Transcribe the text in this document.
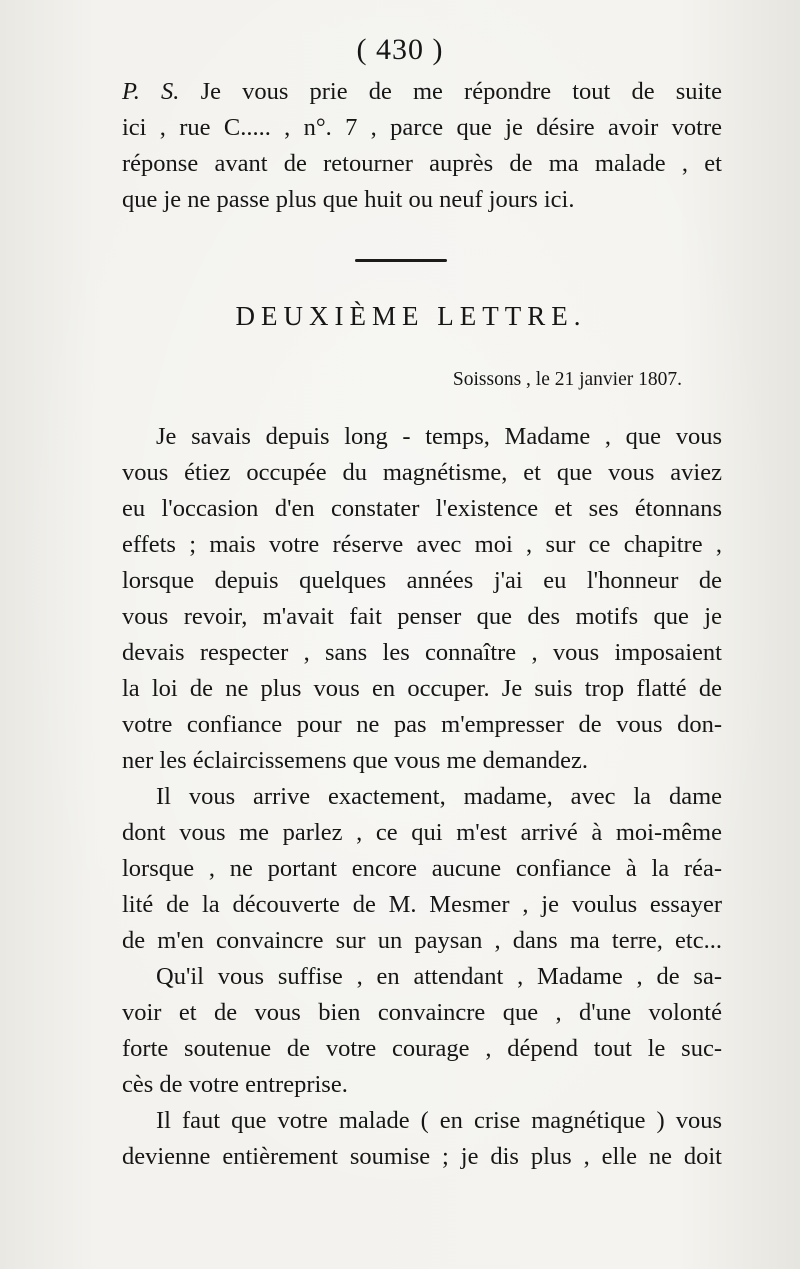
( 430 )
P. S. Je vous prie de me répondre tout de suite
ici , rue C..... , n°. 7 , parce que je désire avoir votre
réponse avant de retourner auprès de ma malade , et
que je ne passe plus que huit ou neuf jours ici.
DEUXIÈME LETTRE.
Soissons , le 21 janvier 1807.
Je savais depuis long - temps, Madame , que vous
vous étiez occupée du magnétisme, et que vous aviez
eu l'occasion d'en constater l'existence et ses étonnans
effets ; mais votre réserve avec moi , sur ce chapitre ,
lorsque depuis quelques années j'ai eu l'honneur de
vous revoir, m'avait fait penser que des motifs que je
devais respecter , sans les connaître , vous imposaient
la loi de ne plus vous en occuper. Je suis trop flatté de
votre confiance pour ne pas m'empresser de vous don-
ner les éclaircissemens que vous me demandez.
Il vous arrive exactement, madame, avec la dame
dont vous me parlez , ce qui m'est arrivé à moi-même
lorsque , ne portant encore aucune confiance à la réa-
lité de la découverte de M. Mesmer , je voulus essayer
de m'en convaincre sur un paysan , dans ma terre, etc...
Qu'il vous suffise , en attendant , Madame , de sa-
voir et de vous bien convaincre que , d'une volonté
forte soutenue de votre courage , dépend tout le suc-
cès de votre entreprise.
Il faut que votre malade ( en crise magnétique ) vous
devienne entièrement soumise ; je dis plus , elle ne doit
